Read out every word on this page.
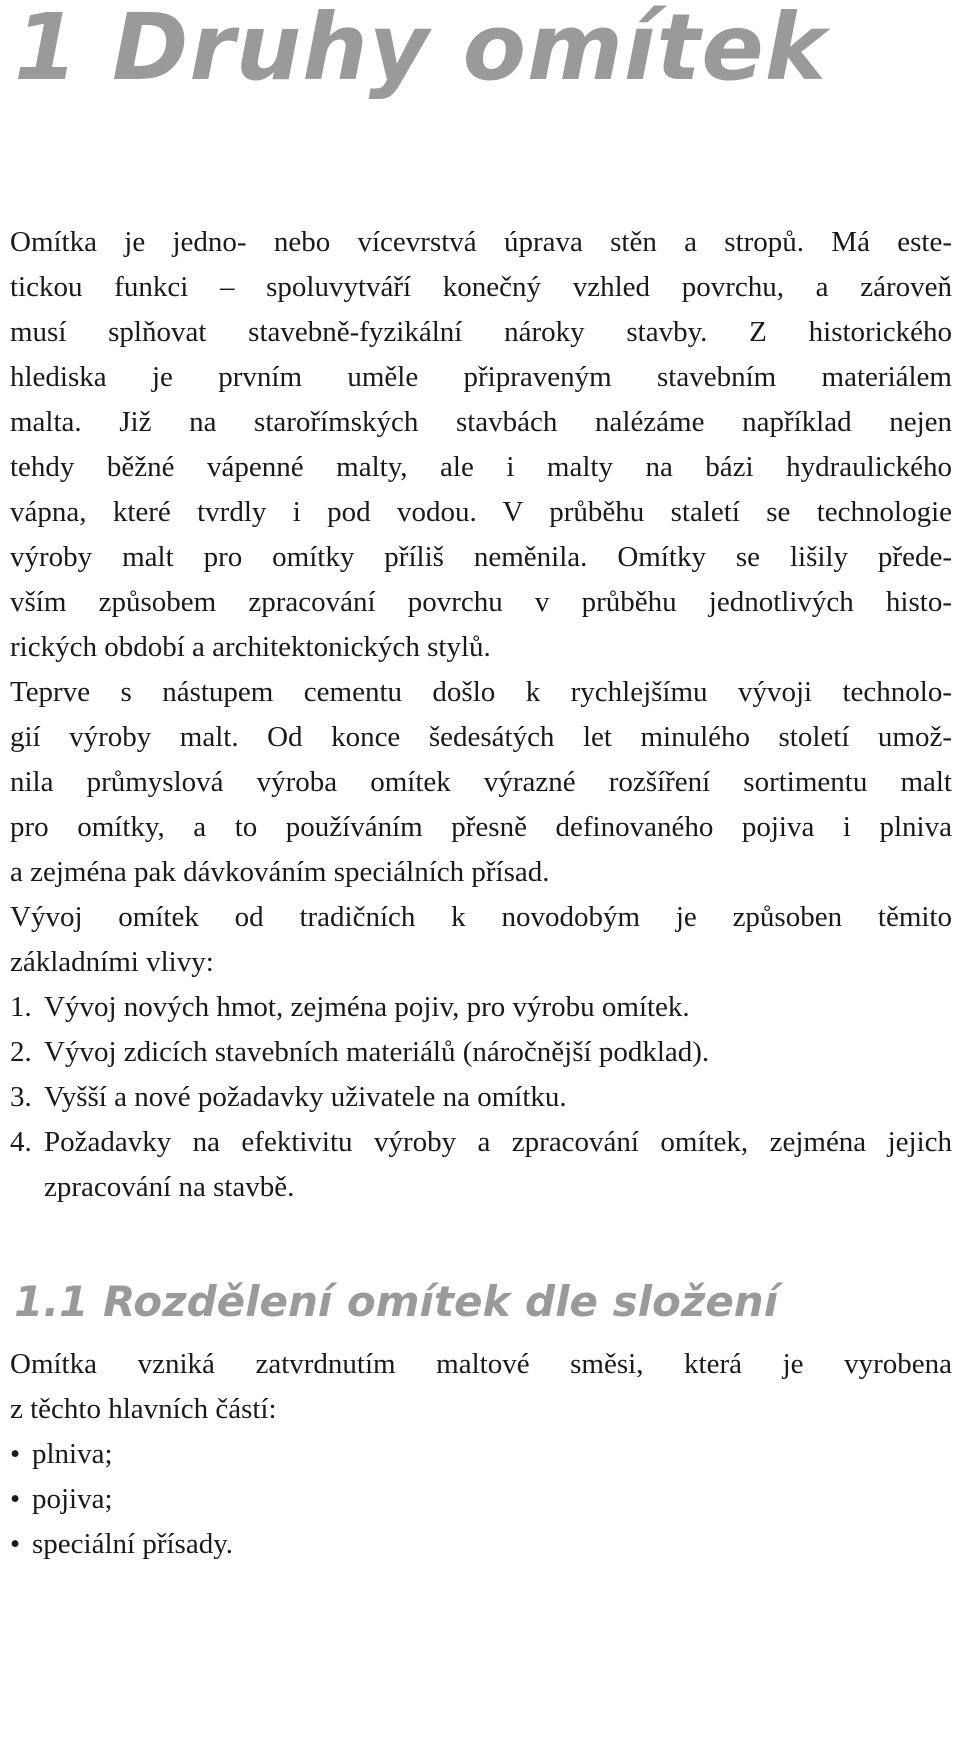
1 Druhy omítek
Omítka je jedno- nebo vícevrstvá úprava stěn a stropů. Má este-
tickou funkci – spoluvytváří konečný vzhled povrchu, a zároveň
musí splňovat stavebně-fyzikální nároky stavby. Z historického
hlediska je prvním uměle připraveným stavebním materiálem
malta. Již na starořímských stavbách nalézáme například nejen
tehdy běžné vápenné malty, ale i malty na bázi hydraulického
vápna, které tvrdly i pod vodou. V průběhu staletí se technologie
výroby malt pro omítky příliš neměnila. Omítky se lišily přede-
vším způsobem zpracování povrchu v průběhu jednotlivých histo-
rických období a architektonických stylů.
Teprve s nástupem cementu došlo k rychlejšímu vývoji technolo-
gií výroby malt. Od konce šedesátých let minulého století umož-
nila průmyslová výroba omítek výrazné rozšíření sortimentu malt
pro omítky, a to používáním přesně definovaného pojiva i plniva
a zejména pak dávkováním speciálních přísad.
Vývoj omítek od tradičních k novodobým je způsoben těmito
základními vlivy:
1. Vývoj nových hmot, zejména pojiv, pro výrobu omítek.
2. Vývoj zdicích stavebních materiálů (náročnější podklad).
3. Vyšší a nové požadavky uživatele na omítku.
4. Požadavky na efektivitu výroby a zpracování omítek, zejména jejich zpracování na stavbě.
1.1 Rozdělení omítek dle složení
Omítka vzniká zatvrdnutím maltové směsi, která je vyrobena
z těchto hlavních částí:
• plniva;
• pojiva;
• speciální přísady.
